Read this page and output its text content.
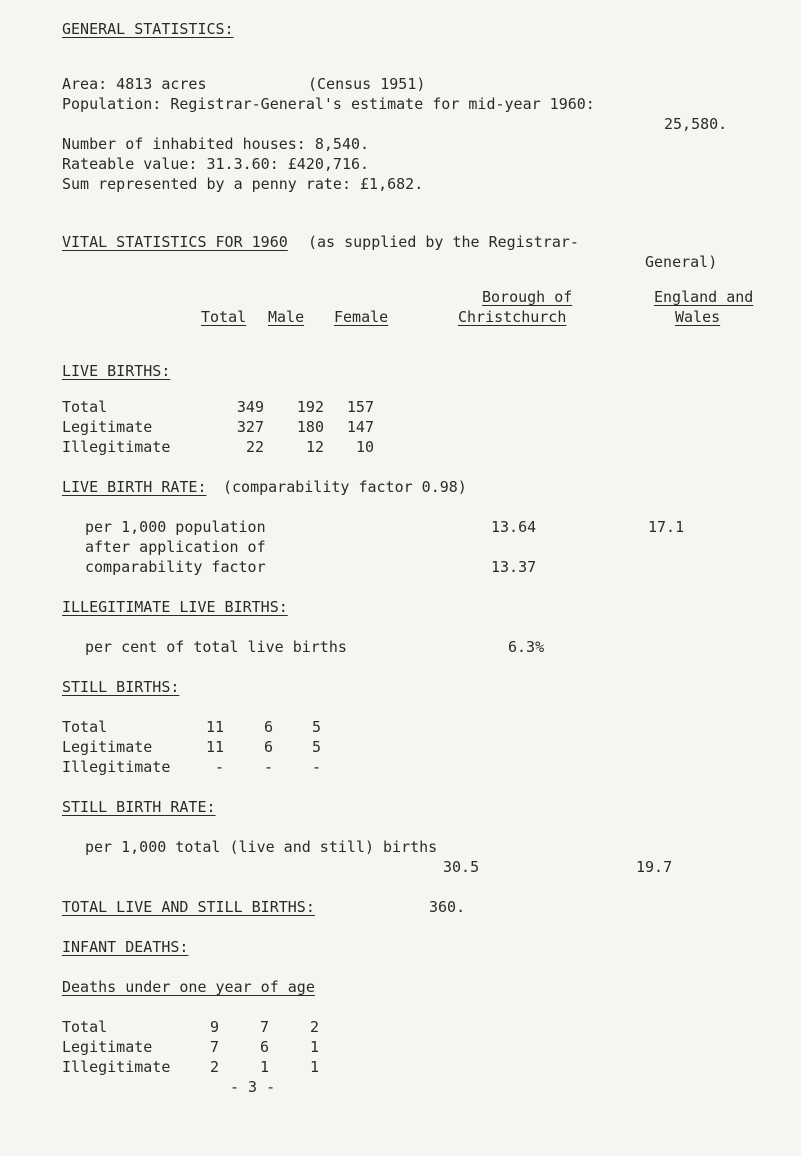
GENERAL STATISTICS:
Area: 4813 acres	(Census 1951)
Population: Registrar-General's estimate for mid-year 1960:
25,580.
Number of inhabited houses: 8,540.
Rateable value: 31.3.60: £420,716.
Sum represented by a penny rate: £1,682.
VITAL STATISTICS FOR 1960 (as supplied by the Registrar-
General)
Total Male Female
Borough of
Christchurch
England and
Wales
LIVE BIRTHS:
Total	349	192	157
Legitimate	327	180	147
Illegitimate	22	12	10
LIVE BIRTH RATE: (comparability factor 0.98)
per 1,000 population	13.64	17.1
after application of
comparability factor	13.37
ILLEGITIMATE LIVE BIRTHS:
per cent of total live births	6.3%
STILL BIRTHS:
Total	11	6	5
Legitimate	11	6	5
Illegitimate	-	-	-
STILL BIRTH RATE:
per 1,000 total (live and still) births
30.5	19.7
TOTAL LIVE AND STILL BIRTHS:	360.
INFANT DEATHS:
Deaths under one year of age
Total	9	7	2
Legitimate	7	6	1
Illegitimate	2	1	1
- 3 -
